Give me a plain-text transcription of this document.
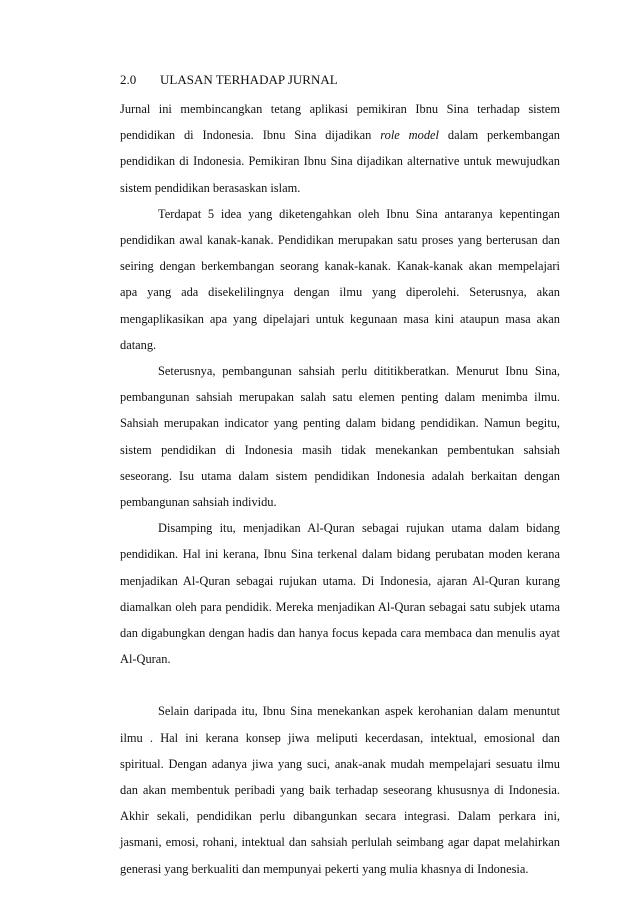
2.0 ULASAN TERHADAP JURNAL

Jurnal ini membincangkan tetang aplikasi pemikiran Ibnu Sina terhadap sistem pendidikan di Indonesia. Ibnu Sina dijadikan role model dalam perkembangan pendidikan di Indonesia. Pemikiran Ibnu Sina dijadikan alternative untuk mewujudkan sistem pendidikan berasaskan islam.

Terdapat 5 idea yang diketengahkan oleh Ibnu Sina antaranya kepentingan pendidikan awal kanak-kanak. Pendidikan merupakan satu proses yang berterusan dan seiring dengan berkembangan seorang kanak-kanak. Kanak-kanak akan mempelajari apa yang ada disekelilingnya dengan ilmu yang diperolehi. Seterusnya, akan mengaplikasikan apa yang dipelajari untuk kegunaan masa kini ataupun masa akan datang.

Seterusnya, pembangunan sahsiah perlu dititikberatkan. Menurut Ibnu Sina, pembangunan sahsiah merupakan salah satu elemen penting dalam menimba ilmu. Sahsiah merupakan indicator yang penting dalam bidang pendidikan. Namun begitu, sistem pendidikan di Indonesia masih tidak menekankan pembentukan sahsiah seseorang. Isu utama dalam sistem pendidikan Indonesia adalah berkaitan dengan pembangunan sahsiah individu.

Disamping itu, menjadikan Al-Quran sebagai rujukan utama dalam bidang pendidikan. Hal ini kerana, Ibnu Sina terkenal dalam bidang perubatan moden kerana menjadikan Al-Quran sebagai rujukan utama. Di Indonesia, ajaran Al-Quran kurang diamalkan oleh para pendidik. Mereka menjadikan Al-Quran sebagai satu subjek utama dan digabungkan dengan hadis dan hanya focus kepada cara membaca dan menulis ayat Al-Quran.

Selain daripada itu, Ibnu Sina menekankan aspek kerohanian dalam menuntut ilmu . Hal ini kerana konsep jiwa meliputi kecerdasan, intektual, emosional dan spiritual. Dengan adanya jiwa yang suci, anak-anak mudah mempelajari sesuatu ilmu dan akan membentuk peribadi yang baik terhadap seseorang khususnya di Indonesia. Akhir sekali, pendidikan perlu dibangunkan secara integrasi. Dalam perkara ini, jasmani, emosi, rohani, intektual dan sahsiah perlulah seimbang agar dapat melahirkan generasi yang berkualiti dan mempunyai pekerti yang mulia khasnya di Indonesia.
